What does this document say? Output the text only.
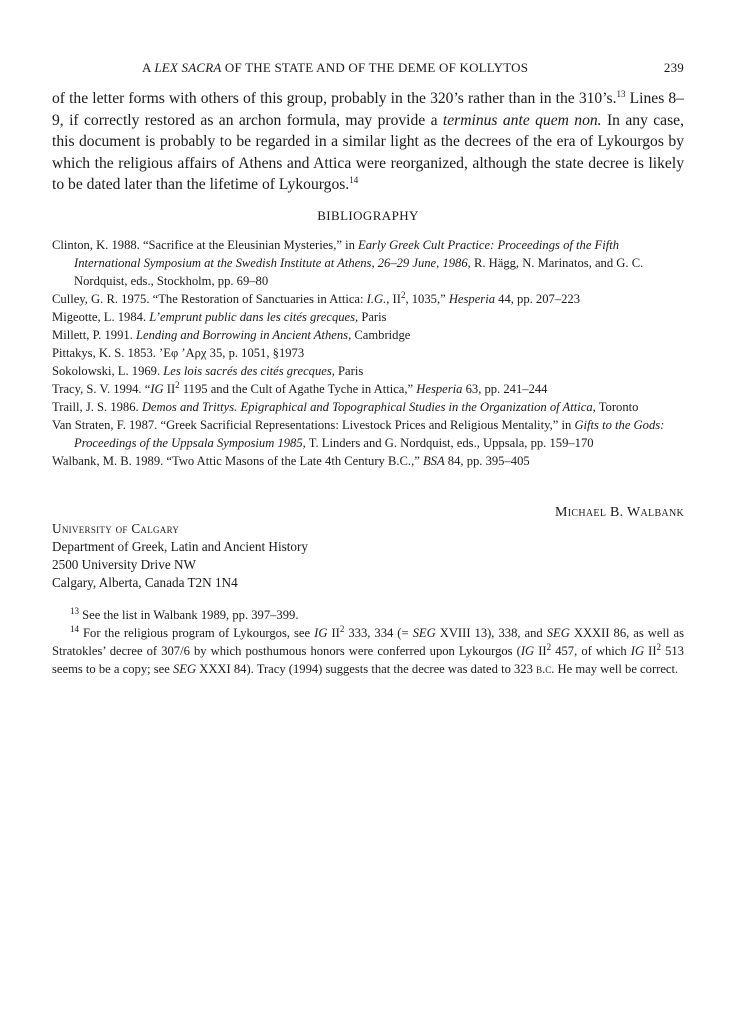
A LEX SACRA OF THE STATE AND OF THE DEME OF KOLLYTOS	239

of the letter forms with others of this group, probably in the 320’s rather than in the 310’s.$^{13}$ Lines 8–9, if correctly restored as an archon formula, may provide a terminus ante quem non. In any case, this document is probably to be regarded in a similar light as the decrees of the era of Lykourgos by which the religious affairs of Athens and Attica were reorganized, although the state decree is likely to be dated later than the lifetime of Lykourgos.$^{14}$

BIBLIOGRAPHY

Clinton, K. 1988. “Sacrifice at the Eleusinian Mysteries,” in Early Greek Cult Practice: Proceedings of the Fifth International Symposium at the Swedish Institute at Athens, 26–29 June, 1986, R. Hägg, N. Marinatos, and G. C. Nordquist, eds., Stockholm, pp. 69–80

Culley, G. R. 1975. “The Restoration of Sanctuaries in Attica: I.G., $II^2$, 1035,” Hesperia 44, pp. 207–223

Migeotte, L. 1984. L’emprunt public dans les cités grecques, Paris

Millett, P. 1991. Lending and Borrowing in Ancient Athens, Cambridge

Pittakys, K. S. 1853. ’Εφ ’Αρχ 35, p. 1051, §1973

Sokolowski, L. 1969. Les lois sacrés des cités grecques, Paris

Tracy, S. V. 1994. “IG $II^2$ 1195 and the Cult of Agathe Tyche in Attica,” Hesperia 63, pp. 241–244

Traill, J. S. 1986. Demos and Trittys. Epigraphical and Topographical Studies in the Organization of Attica, Toronto

Van Straten, F. 1987. “Greek Sacrificial Representations: Livestock Prices and Religious Mentality,” in Gifts to the Gods: Proceedings of the Uppsala Symposium 1985, T. Linders and G. Nordquist, eds., Uppsala, pp. 159–170

Walbank, M. B. 1989. “Two Attic Masons of the Late 4th Century B.C.,” BSA 84, pp. 395–405

Michael B. Walbank
University of Calgary
Department of Greek, Latin and Ancient History
2500 University Drive NW
Calgary, Alberta, Canada T2N 1N4

$^{13}$ See the list in Walbank 1989, pp. 397–399.

$^{14}$ For the religious program of Lykourgos, see IG $II^2$ 333, 334 (= SEG XVIII 13), 338, and SEG XXXII 86, as well as Stratokles’ decree of 307/6 by which posthumous honors were conferred upon Lykourgos (IG $II^2$ 457, of which IG $II^2$ 513 seems to be a copy; see SEG XXXI 84). Tracy (1994) suggests that the decree was dated to 323 b.c. He may well be correct.
